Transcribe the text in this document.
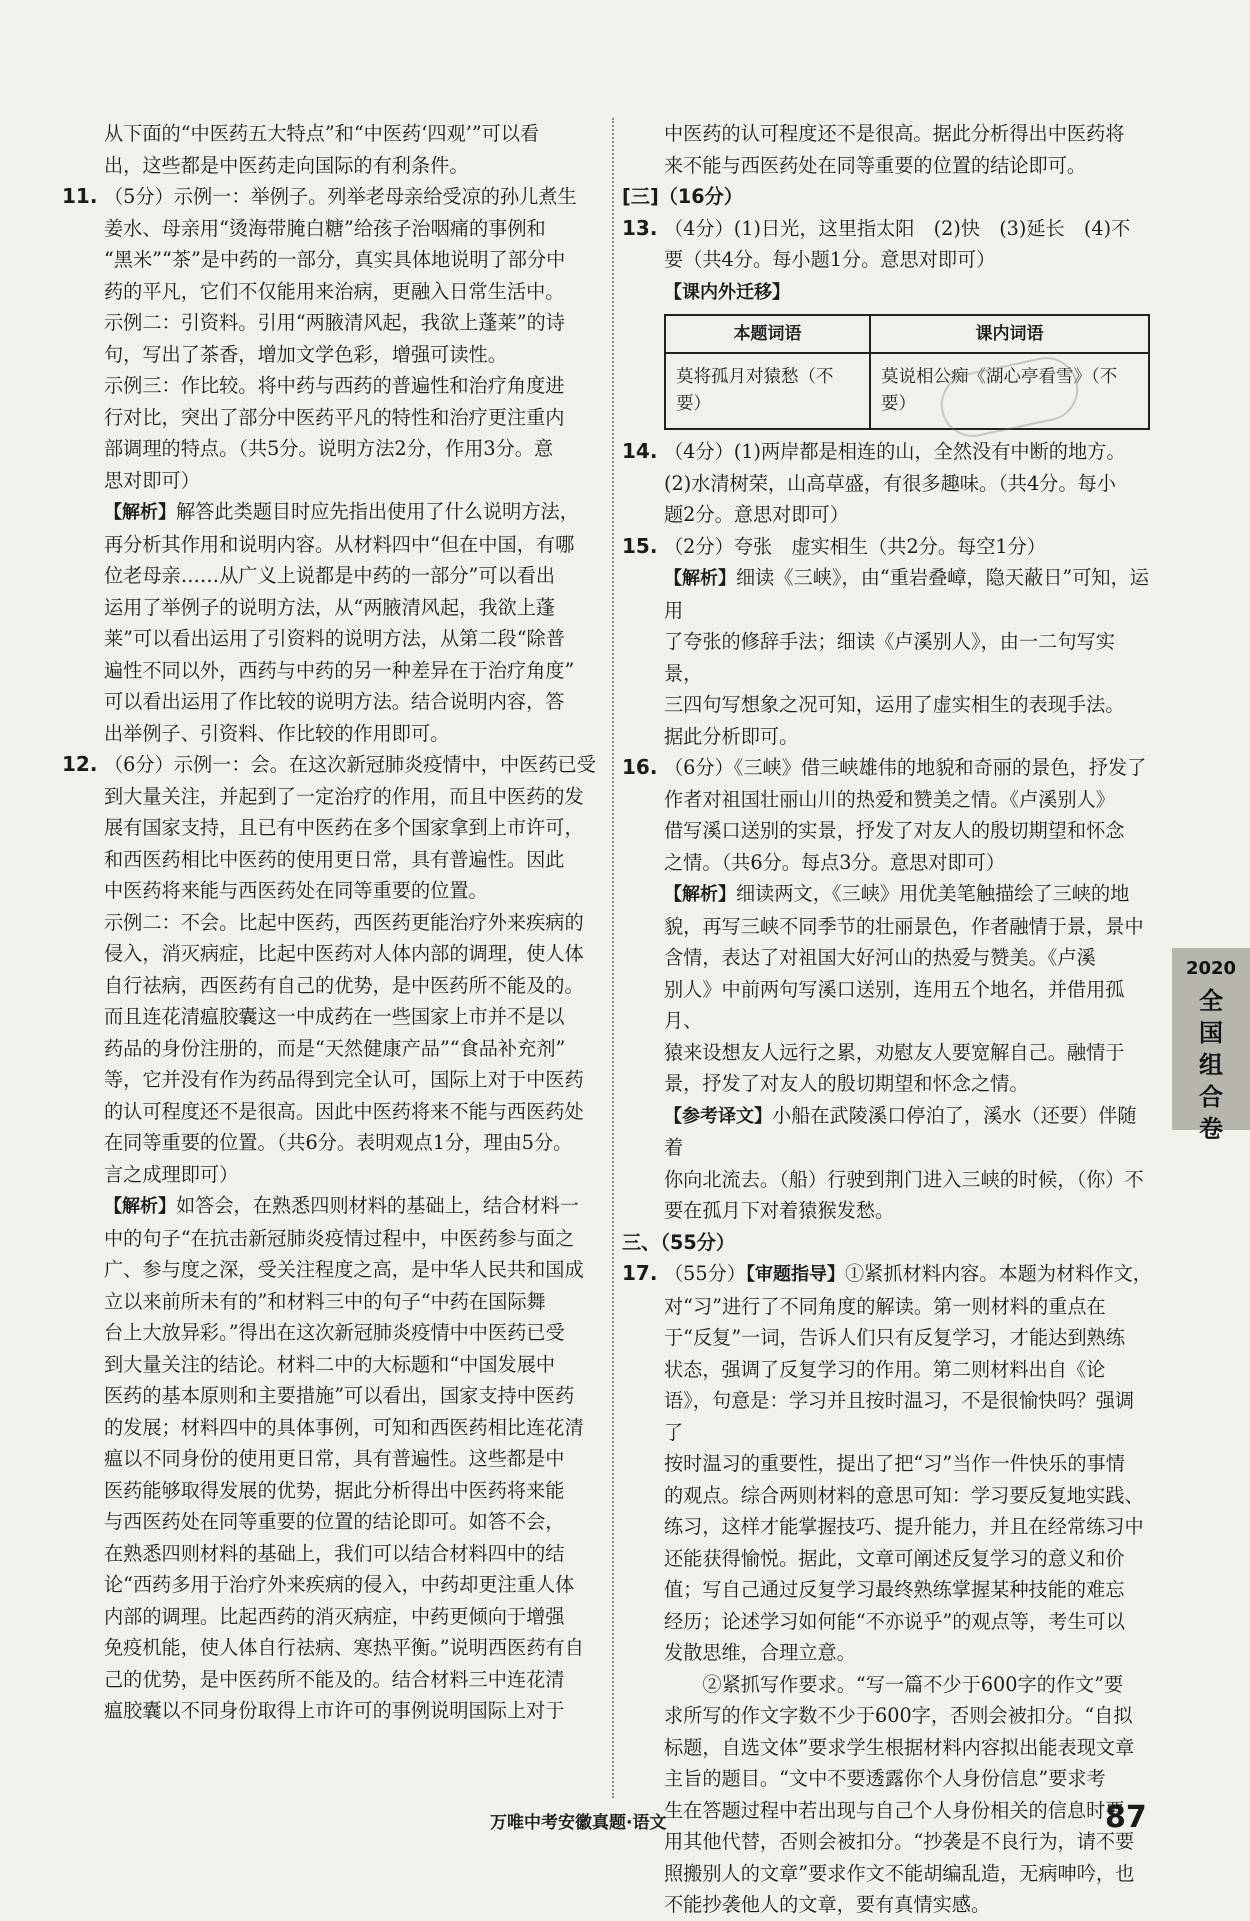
从下面的“中医药五大特点”和“中医药‘四观’”可以看

出，这些都是中医药走向国际的有利条件。

11. （5分）示例一：举例子。列举老母亲给受凉的孙儿煮生

姜水、母亲用“烫海带腌白糖”给孩子治咽痛的事例和

“黑米”“茶”是中药的一部分，真实具体地说明了部分中

药的平凡，它们不仅能用来治病，更融入日常生活中。

示例二：引资料。引用“两腋清风起，我欲上蓬莱”的诗

句，写出了茶香，增加文学色彩，增强可读性。

示例三：作比较。将中药与西药的普遍性和治疗角度进

行对比，突出了部分中医药平凡的特性和治疗更注重内

部调理的特点。（共5分。说明方法2分，作用3分。意

思对即可）

【解析】解答此类题目时应先指出使用了什么说明方法，

再分析其作用和说明内容。从材料四中“但在中国，有哪

位老母亲……从广义上说都是中药的一部分”可以看出

运用了举例子的说明方法，从“两腋清风起，我欲上蓬

莱”可以看出运用了引资料的说明方法，从第二段“除普

遍性不同以外，西药与中药的另一种差异在于治疗角度”

可以看出运用了作比较的说明方法。结合说明内容，答

出举例子、引资料、作比较的作用即可。

12. （6分）示例一：会。在这次新冠肺炎疫情中，中医药已受

到大量关注，并起到了一定治疗的作用，而且中医药的发

展有国家支持，且已有中医药在多个国家拿到上市许可，

和西医药相比中医药的使用更日常，具有普遍性。因此

中医药将来能与西医药处在同等重要的位置。

示例二：不会。比起中医药，西医药更能治疗外来疾病的

侵入，消灭病症，比起中医药对人体内部的调理，使人体

自行祛病，西医药有自己的优势，是中医药所不能及的。

而且连花清瘟胶囊这一中成药在一些国家上市并不是以

药品的身份注册的，而是“天然健康产品”“食品补充剂”

等，它并没有作为药品得到完全认可，国际上对于中医药

的认可程度还不是很高。因此中医药将来不能与西医药处

在同等重要的位置。（共6分。表明观点1分，理由5分。

言之成理即可）

【解析】如答会，在熟悉四则材料的基础上，结合材料一

中的句子“在抗击新冠肺炎疫情过程中，中医药参与面之

广、参与度之深，受关注程度之高，是中华人民共和国成

立以来前所未有的”和材料三中的句子“中药在国际舞

台上大放异彩。”得出在这次新冠肺炎疫情中中医药已受

到大量关注的结论。材料二中的大标题和“中国发展中

医药的基本原则和主要措施”可以看出，国家支持中医药

的发展；材料四中的具体事例，可知和西医药相比连花清

瘟以不同身份的使用更日常，具有普遍性。这些都是中

医药能够取得发展的优势，据此分析得出中医药将来能

与西医药处在同等重要的位置的结论即可。如答不会，

在熟悉四则材料的基础上，我们可以结合材料四中的结

论“西药多用于治疗外来疾病的侵入，中药却更注重人体

内部的调理。比起西药的消灭病症，中药更倾向于增强

免疫机能，使人体自行祛病、寒热平衡。”说明西医药有自

己的优势，是中医药所不能及的。结合材料三中连花清

瘟胶囊以不同身份取得上市许可的事例说明国际上对于

中医药的认可程度还不是很高。据此分析得出中医药将

来不能与西医药处在同等重要的位置的结论即可。

[三]（16分）

13. （4分）(1)日光，这里指太阳　(2)快　(3)延长　(4)不

要（共4分。每小题1分。意思对即可）

【课内外迁移】
本题词语	课内词语
莫将孤月对猿愁（不要）	莫说相公痴《湖心亭看雪》（不要）
14. （4分）(1)两岸都是相连的山，全然没有中断的地方。

(2)水清树荣，山高草盛，有很多趣味。（共4分。每小

题2分。意思对即可）

15. （2分）夸张　虚实相生（共2分。每空1分）

【解析】细读《三峡》，由“重岩叠嶂，隐天蔽日”可知，运用

了夸张的修辞手法；细读《卢溪别人》，由一二句写实景，

三四句写想象之况可知，运用了虚实相生的表现手法。

据此分析即可。

16. （6分）《三峡》借三峡雄伟的地貌和奇丽的景色，抒发了

作者对祖国壮丽山川的热爱和赞美之情。《卢溪别人》

借写溪口送别的实景，抒发了对友人的殷切期望和怀念

之情。（共6分。每点3分。意思对即可）

【解析】细读两文，《三峡》用优美笔触描绘了三峡的地

貌，再写三峡不同季节的壮丽景色，作者融情于景，景中

含情，表达了对祖国大好河山的热爱与赞美。《卢溪

别人》中前两句写溪口送别，连用五个地名，并借用孤月、

猿来设想友人远行之累，劝慰友人要宽解自己。融情于

景，抒发了对友人的殷切期望和怀念之情。

【参考译文】小船在武陵溪口停泊了，溪水（还要）伴随着

你向北流去。（船）行驶到荆门进入三峡的时候，（你）不

要在孤月下对着猿猴发愁。

三、（55分）

17. （55分）【审题指导】①紧抓材料内容。本题为材料作文，

对“习”进行了不同角度的解读。第一则材料的重点在

于“反复”一词，告诉人们只有反复学习，才能达到熟练

状态，强调了反复学习的作用。第二则材料出自《论

语》，句意是：学习并且按时温习，不是很愉快吗？强调了

按时温习的重要性，提出了把“习”当作一件快乐的事情

的观点。综合两则材料的意思可知：学习要反复地实践、

练习，这样才能掌握技巧、提升能力，并且在经常练习中

还能获得愉悦。据此，文章可阐述反复学习的意义和价

值；写自己通过反复学习最终熟练掌握某种技能的难忘

经历；论述学习如何能“不亦说乎”的观点等，考生可以

发散思维，合理立意。

②紧抓写作要求。“写一篇不少于600字的作文”要

求所写的作文字数不少于600字，否则会被扣分。“自拟

标题，自选文体”要求学生根据材料内容拟出能表现文章

主旨的题目。“文中不要透露你个人身份信息”要求考

生在答题过程中若出现与自己个人身份相关的信息时要

用其他代替，否则会被扣分。“抄袭是不良行为，请不要

照搬别人的文章”要求作文不能胡编乱造，无病呻吟，也

不能抄袭他人的文章，要有真情实感。

2020
全国组合卷
万唯中考安徽真题·语文	87
